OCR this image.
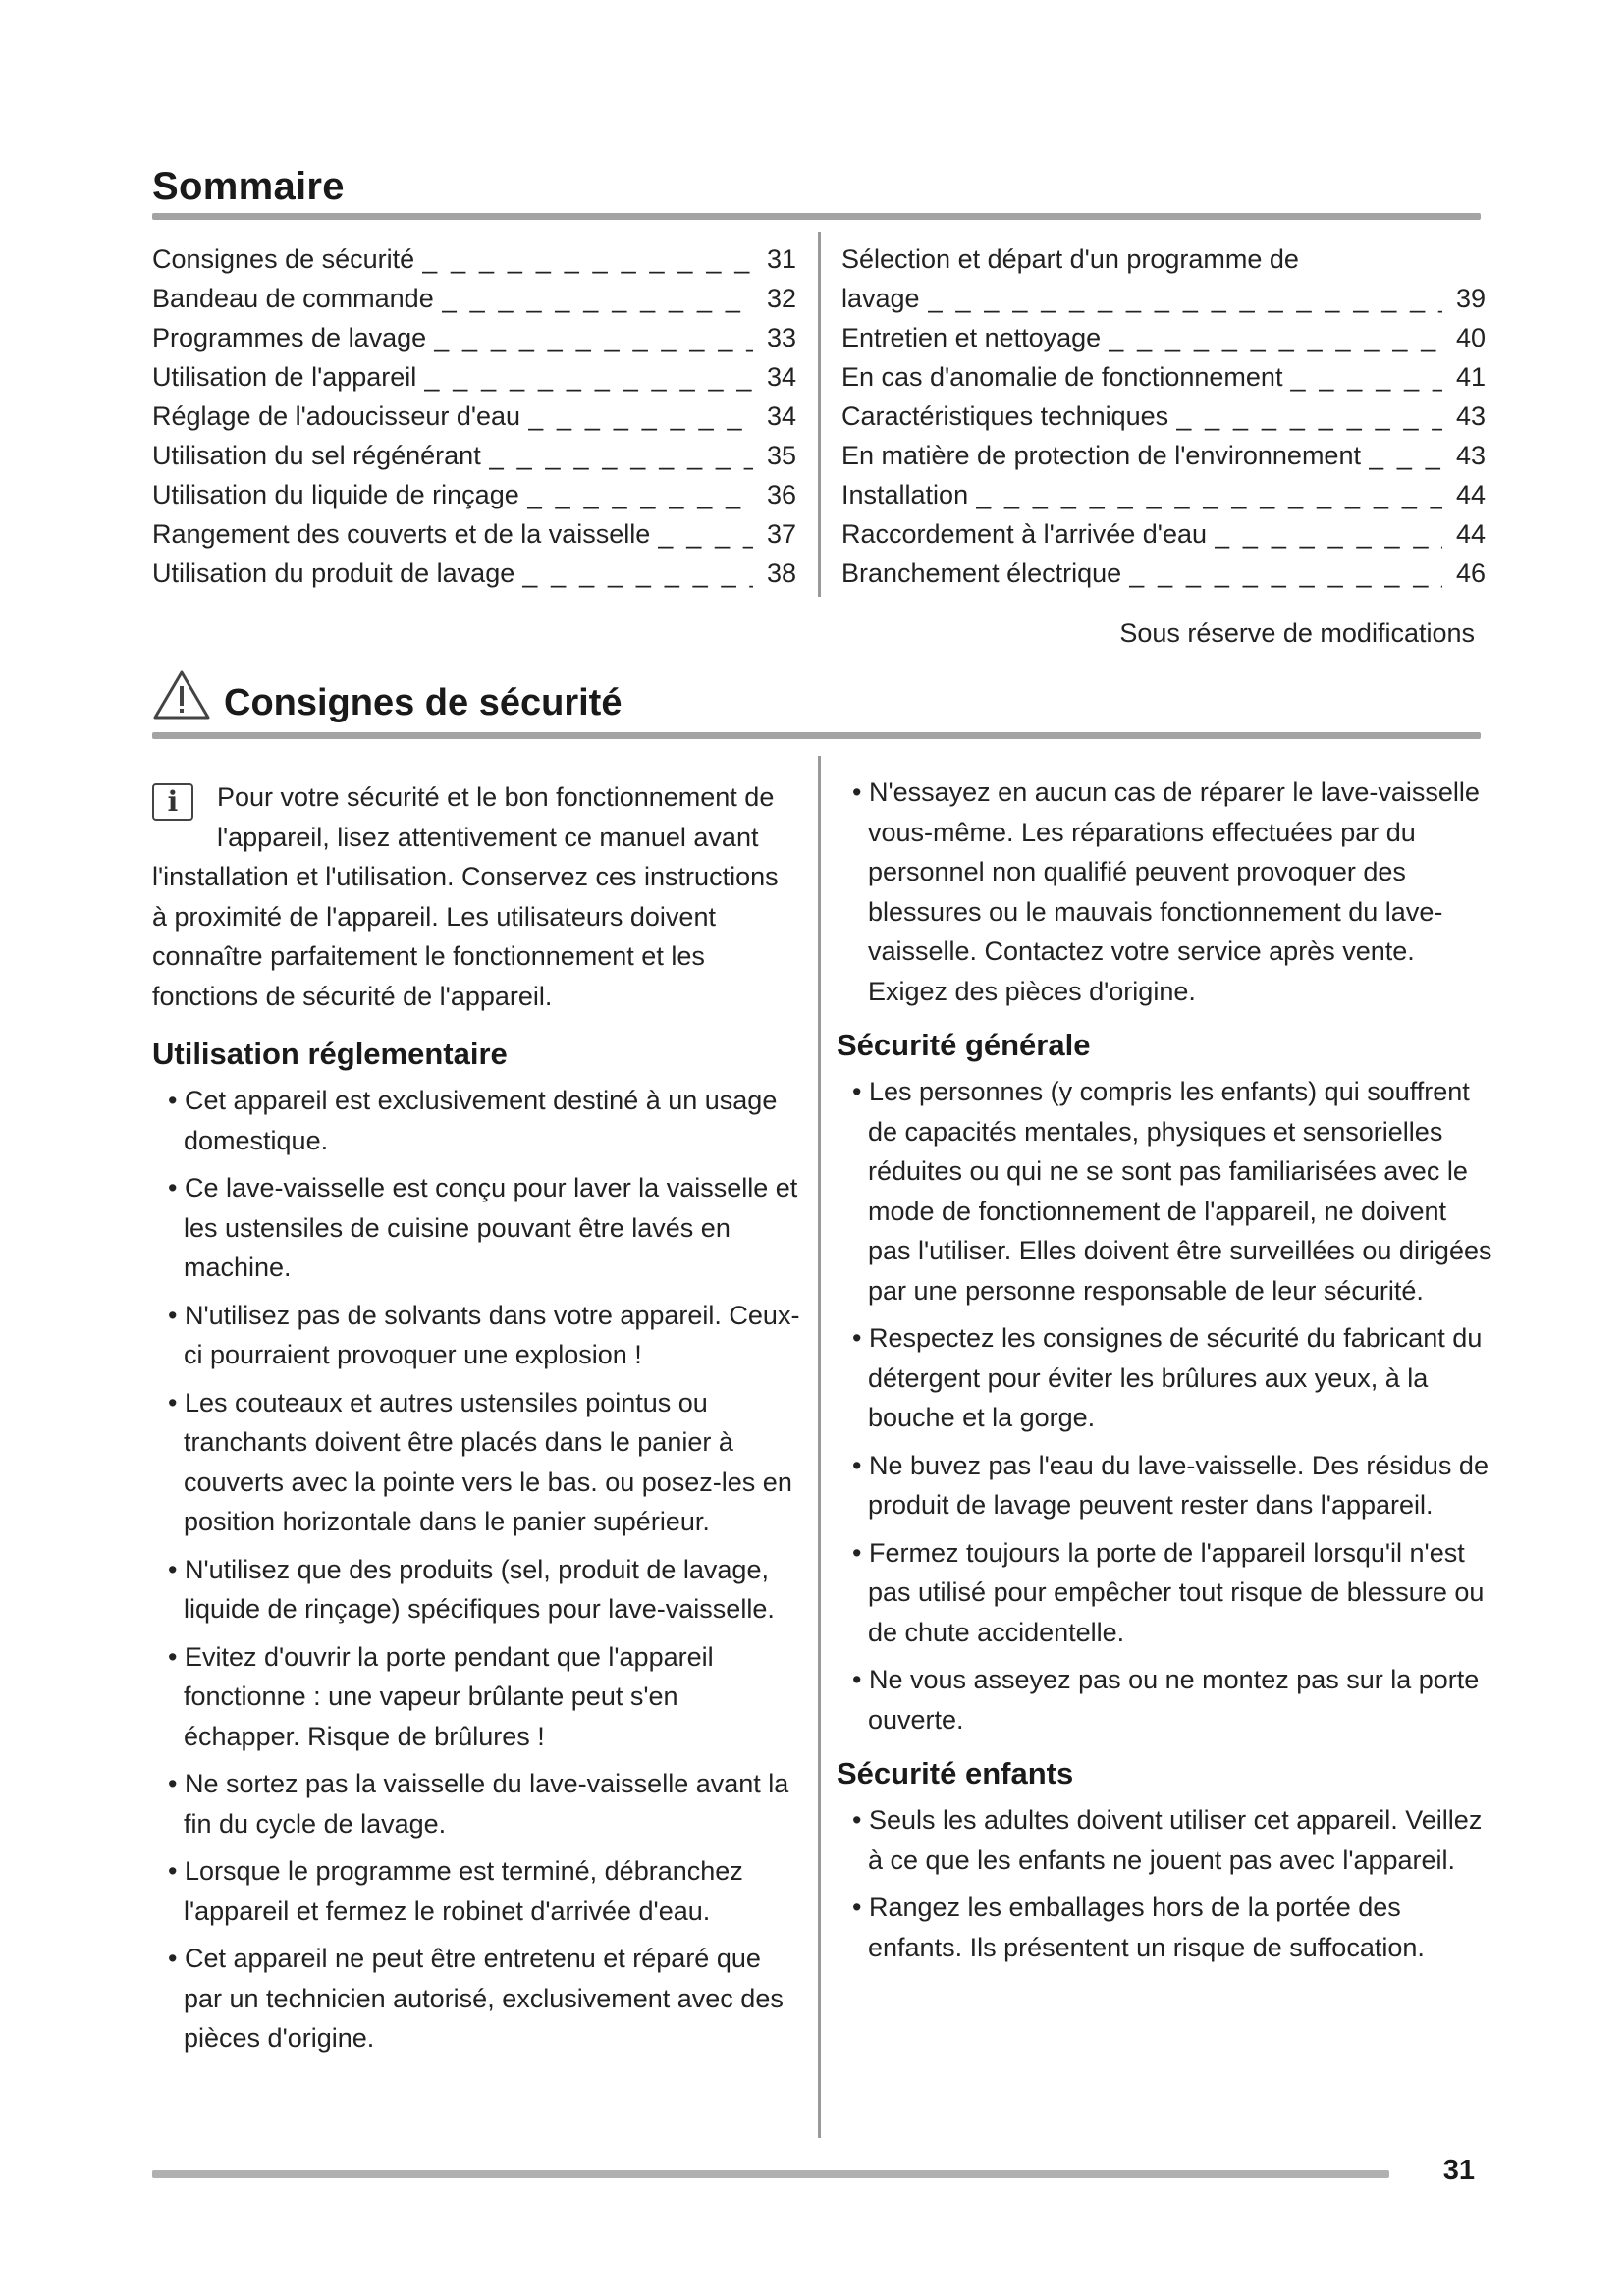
Sommaire
Consignes de sécurité _ _ _	31
Bandeau de commande _ _ _	32
Programmes de lavage _ _ _	33
Utilisation de l'appareil _ _ _	34
Réglage de l'adoucisseur d'eau _ _ _	34
Utilisation du sel régénérant _ _ _	35
Utilisation du liquide de rinçage _ _ _	36
Rangement des couverts et de la vaisselle _ _ _	37
Utilisation du produit de lavage _ _ _	38
Sélection et départ d'un programme de
lavage _ _ _	39
Entretien et nettoyage _ _ _	40
En cas d'anomalie de fonctionnement _ _ _	41
Caractéristiques techniques _ _ _	43
En matière de protection de l'environnement _ _ _	43
Installation _ _ _	44
Raccordement à l'arrivée d'eau _ _ _	44
Branchement électrique _ _ _	46
Sous réserve de modifications
Consignes de sécurité
i	Pour votre sécurité et le bon fonctionnement de l'appareil, lisez attentivement ce manuel avant

l'installation et l'utilisation. Conservez ces instructions à proximité de l'appareil. Les utilisateurs doivent connaître parfaitement le fonctionnement et les fonctions de sécurité de l'appareil.

Utilisation réglementaire

• Cet appareil est exclusivement destiné à un usage domestique.

• Ce lave-vaisselle est conçu pour laver la vaisselle et les ustensiles de cuisine pouvant être lavés en machine.

• N'utilisez pas de solvants dans votre appareil. Ceux-ci pourraient provoquer une explosion !

• Les couteaux et autres ustensiles pointus ou tranchants doivent être placés dans le panier à couverts avec la pointe vers le bas. ou posez-les en position horizontale dans le panier supérieur.

• N'utilisez que des produits (sel, produit de lavage, liquide de rinçage) spécifiques pour lave-vaisselle.

• Evitez d'ouvrir la porte pendant que l'appareil fonctionne : une vapeur brûlante peut s'en échapper. Risque de brûlures !

• Ne sortez pas la vaisselle du lave-vaisselle avant la fin du cycle de lavage.

• Lorsque le programme est terminé, débranchez l'appareil et fermez le robinet d'arrivée d'eau.

• Cet appareil ne peut être entretenu et réparé que par un technicien autorisé, exclusivement avec des pièces d'origine.

• N'essayez en aucun cas de réparer le lave-vaisselle vous-même. Les réparations effectuées par du personnel non qualifié peuvent provoquer des blessures ou le mauvais fonctionnement du lave-vaisselle. Contactez votre service après vente. Exigez des pièces d'origine.

Sécurité générale

• Les personnes (y compris les enfants) qui souffrent de capacités mentales, physiques et sensorielles réduites ou qui ne se sont pas familiarisées avec le mode de fonctionnement de l'appareil, ne doivent pas l'utiliser. Elles doivent être surveillées ou dirigées par une personne responsable de leur sécurité.

• Respectez les consignes de sécurité du fabricant du détergent pour éviter les brûlures aux yeux, à la bouche et la gorge.

• Ne buvez pas l'eau du lave-vaisselle. Des résidus de produit de lavage peuvent rester dans l'appareil.

• Fermez toujours la porte de l'appareil lorsqu'il n'est pas utilisé pour empêcher tout risque de blessure ou de chute accidentelle.

• Ne vous asseyez pas ou ne montez pas sur la porte ouverte.

Sécurité enfants

• Seuls les adultes doivent utiliser cet appareil. Veillez à ce que les enfants ne jouent pas avec l'appareil.

• Rangez les emballages hors de la portée des enfants. Ils présentent un risque de suffocation.

31
